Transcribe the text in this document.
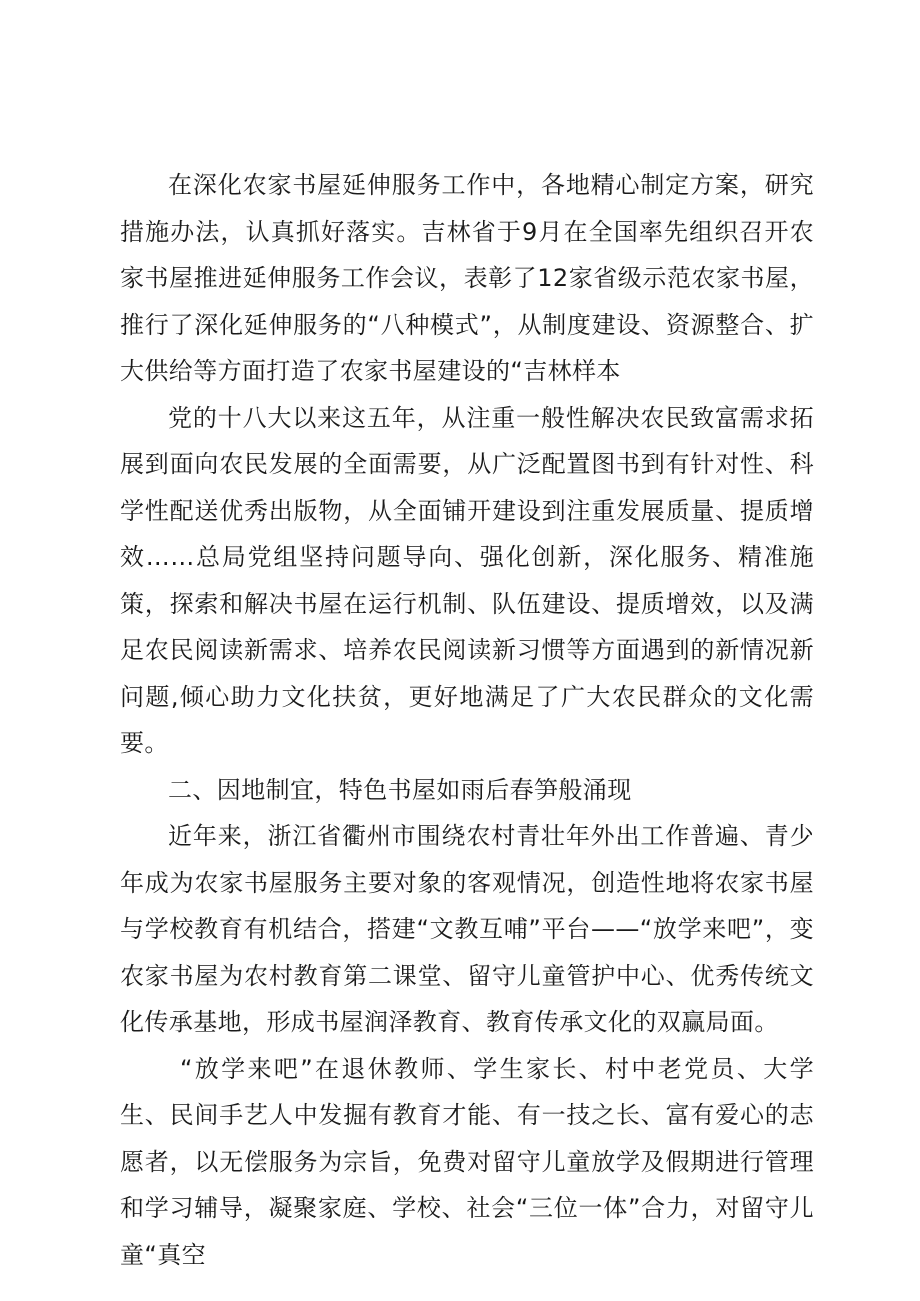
在深化农家书屋延伸服务工作中，各地精心制定方案，研究措施办法，认真抓好落实。吉林省于9月在全国率先组织召开农家书屋推进延伸服务工作会议，表彰了12家省级示范农家书屋，推行了深化延伸服务的“八种模式”，从制度建设、资源整合、扩大供给等方面打造了农家书屋建设的“吉林样本

党的十八大以来这五年，从注重一般性解决农民致富需求拓展到面向农民发展的全面需要，从广泛配置图书到有针对性、科学性配送优秀出版物，从全面铺开建设到注重发展质量、提质增效……总局党组坚持问题导向、强化创新，深化服务、精准施策，探索和解决书屋在运行机制、队伍建设、提质增效，以及满足农民阅读新需求、培养农民阅读新习惯等方面遇到的新情况新问题,倾心助力文化扶贫，更好地满足了广大农民群众的文化需要。

二、因地制宜，特色书屋如雨后春笋般涌现

近年来，浙江省衢州市围绕农村青壮年外出工作普遍、青少年成为农家书屋服务主要对象的客观情况，创造性地将农家书屋与学校教育有机结合，搭建“文教互哺”平台——“放学来吧”，变农家书屋为农村教育第二课堂、留守儿童管护中心、优秀传统文化传承基地，形成书屋润泽教育、教育传承文化的双赢局面。

“放学来吧”在退休教师、学生家长、村中老党员、大学生、民间手艺人中发掘有教育才能、有一技之长、富有爱心的志愿者，以无偿服务为宗旨，免费对留守儿童放学及假期进行管理和学习辅导，凝聚家庭、学校、社会“三位一体”合力，对留守儿童“真空
